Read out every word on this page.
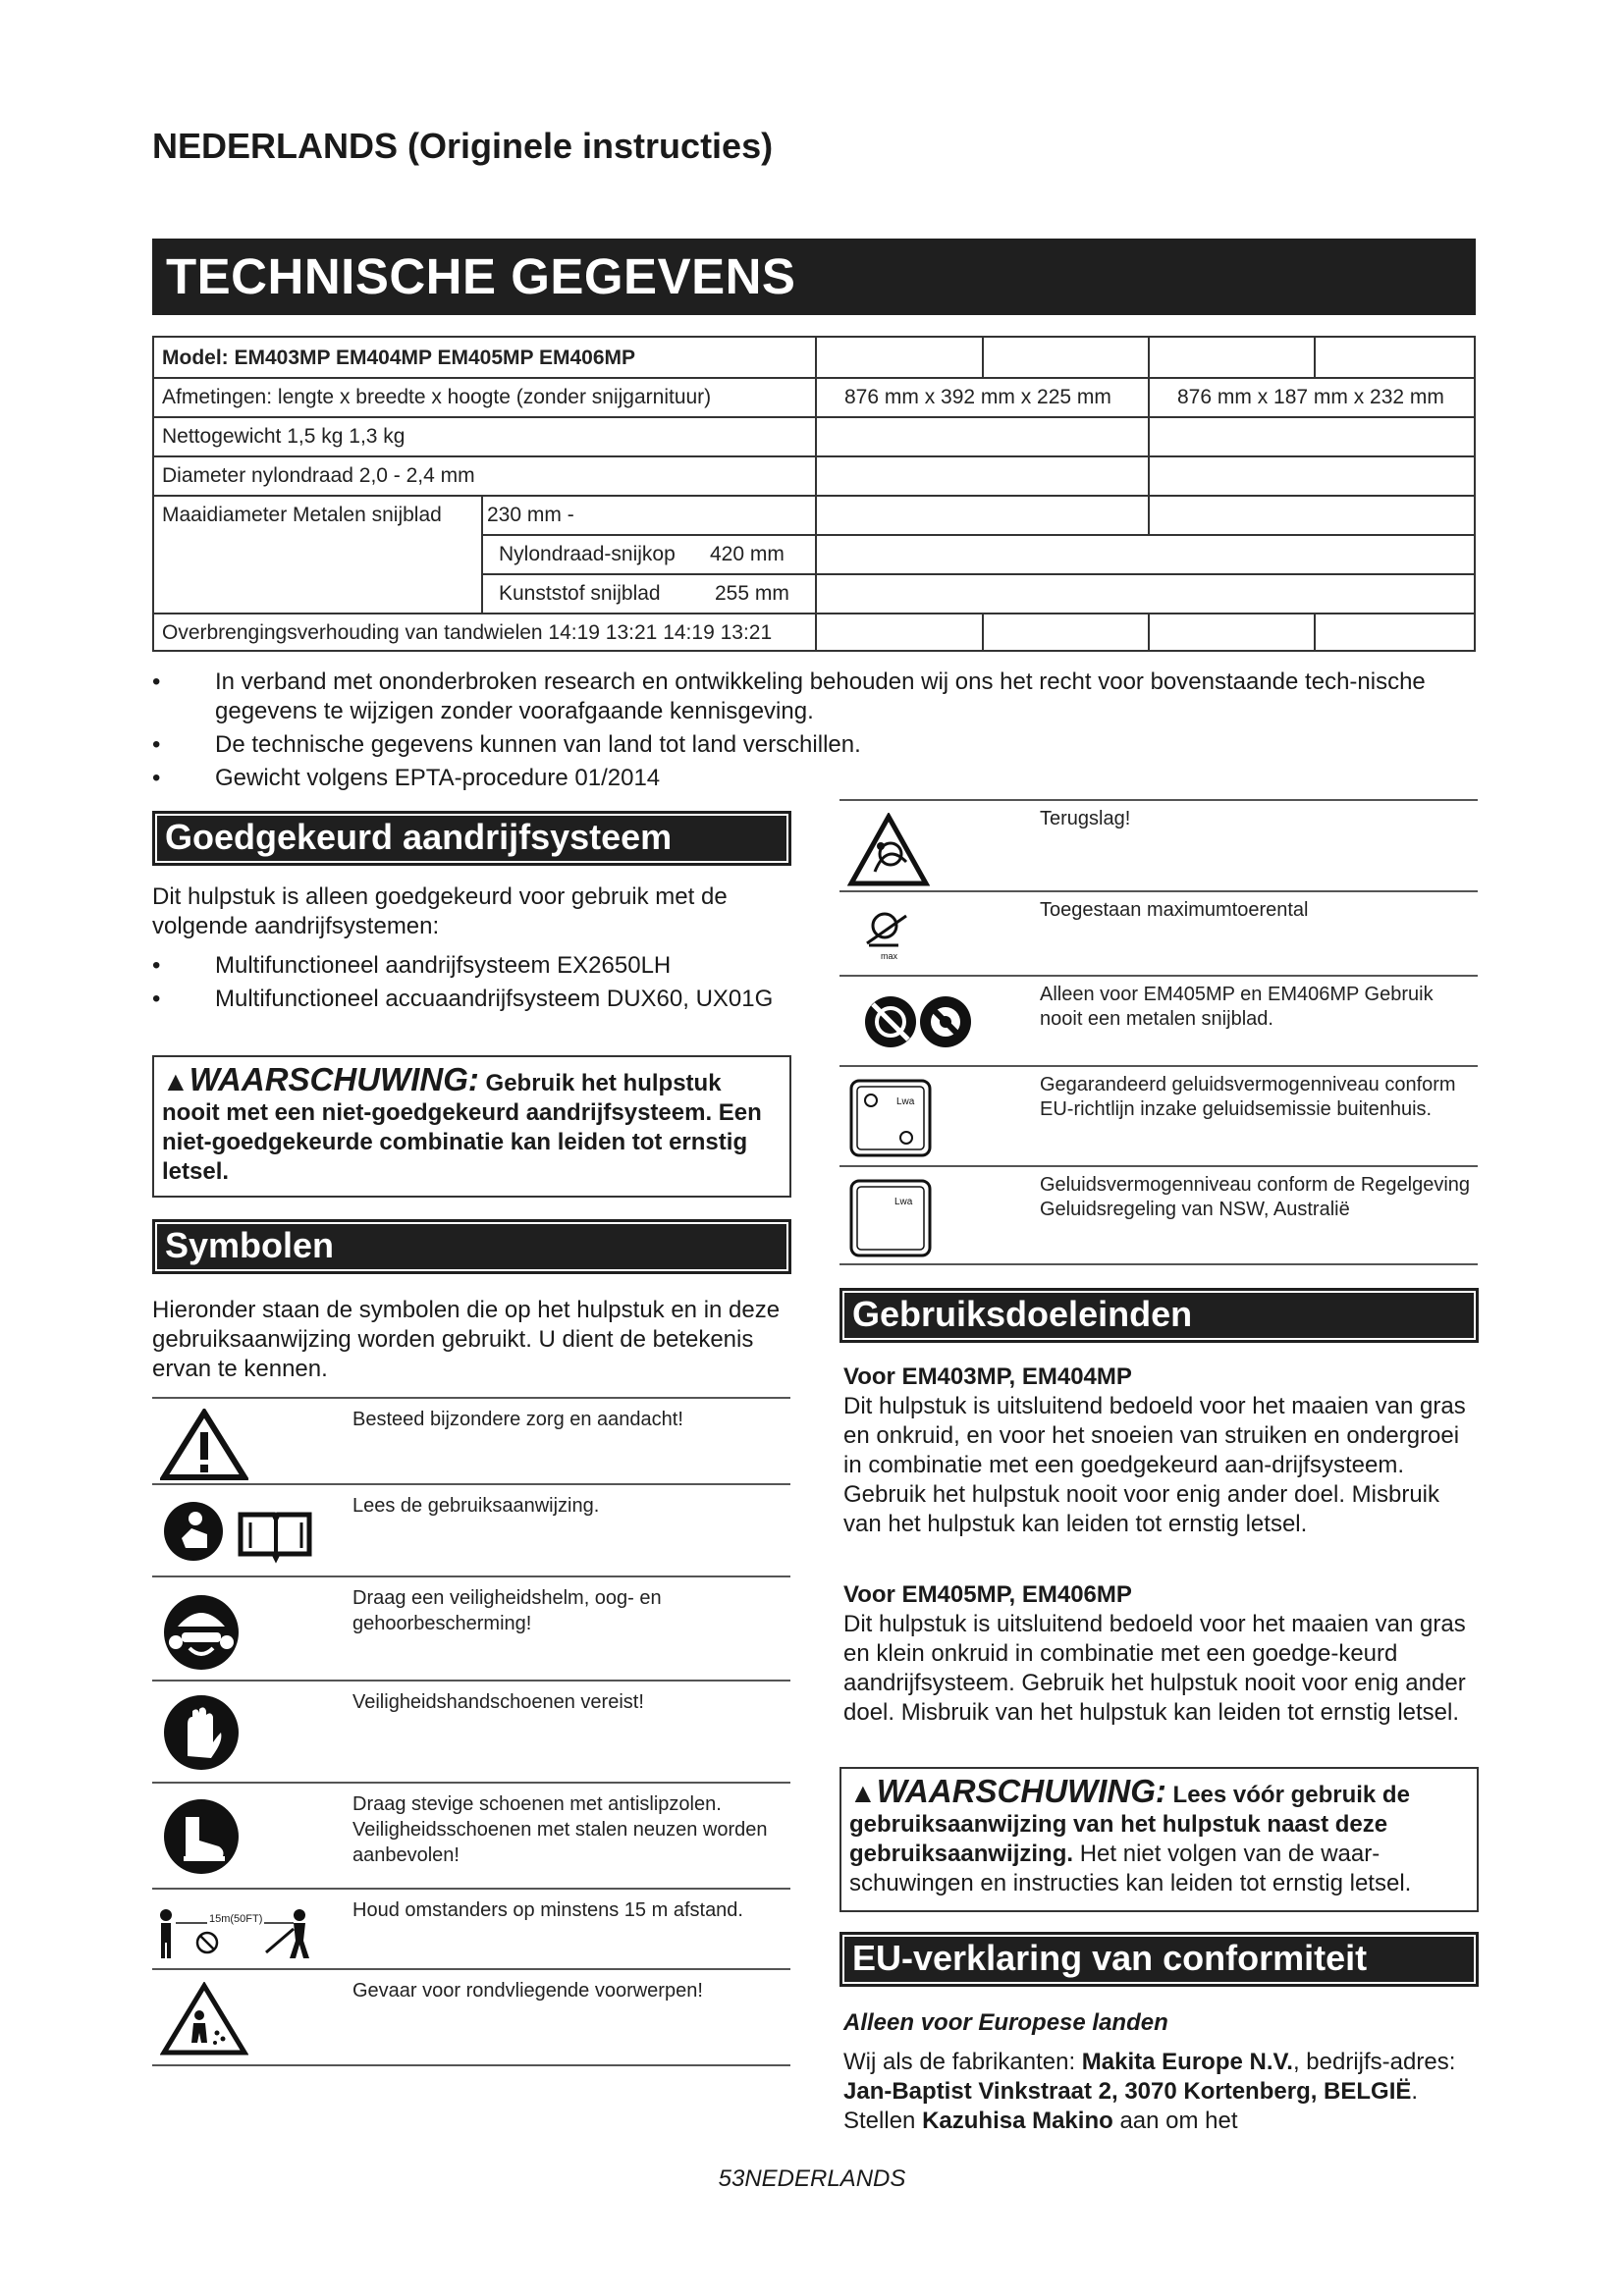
NEDERLANDS (Originele instructies)
TECHNISCHE GEGEVENS
Model: EM403MP EM404MP EM405MP EM406MP
Afmetingen: lengte x breedte x hoogte (zonder snijgarnituur)	876 mm x 392 mm x 225 mm	876 mm x 187 mm x 232 mm
Nettogewicht 1,5 kg 1,3 kg
Diameter nylondraad 2,0 - 2,4 mm
Maaidiameter Metalen snijblad 230 mm -
Nylondraad-snijkop 420 mm
Kunststof snijblad	255 mm
Overbrengingsverhouding van tandwielen 14:19 13:21 14:19 13:21
• In verband met ononderbroken research en ontwikkeling behouden wij ons het recht voor bovenstaande tech-nische gegevens te wijzigen zonder voorafgaande kennisgeving.
• De technische gegevens kunnen van land tot land verschillen.
• Gewicht volgens EPTA-procedure 01/2014
Goedgekeurd aandrijfsysteem
Dit hulpstuk is alleen goedgekeurd voor gebruik met de volgende aandrijfsystemen:
• Multifunctioneel aandrijfsysteem EX2650LH
• Multifunctioneel accuaandrijfsysteem DUX60, UX01G
▲WAARSCHUWING: Gebruik het hulpstuk nooit met een niet-goedgekeurd aandrijfsysteem. Een niet-goedgekeurde combinatie kan leiden tot ernstig letsel.
Symbolen
Hieronder staan de symbolen die op het hulpstuk en in deze gebruiksaanwijzing worden gebruikt. U dient de betekenis ervan te kennen.
Besteed bijzondere zorg en aandacht!
Lees de gebruiksaanwijzing.
Draag een veiligheidshelm, oog- en gehoorbescherming!
Veiligheidshandschoenen vereist!
Draag stevige schoenen met antislipzolen. Veiligheidsschoenen met stalen neuzen worden aanbevolen!
15m(50FT)	Houd omstanders op minstens 15 m afstand.
Gevaar voor rondvliegende voorwerpen!
Terugslag!
max
Toegestaan maximumtoerental
Alleen voor EM405MP en EM406MP Gebruik nooit een metalen snijblad.
Lwa
Gegarandeerd geluidsvermogenniveau conform EU-richtlijn inzake geluidsemissie buitenhuis.
Lwa
Geluidsvermogenniveau conform de Regelgeving Geluidsregeling van NSW, Australië
Gebruiksdoeleinden
Voor EM403MP, EM404MP
Dit hulpstuk is uitsluitend bedoeld voor het maaien van gras en onkruid, en voor het snoeien van struiken en ondergroei in combinatie met een goedgekeurd aan-drijfsysteem. Gebruik het hulpstuk nooit voor enig ander doel. Misbruik van het hulpstuk kan leiden tot ernstig letsel.
Voor EM405MP, EM406MP
Dit hulpstuk is uitsluitend bedoeld voor het maaien van gras en klein onkruid in combinatie met een goedge-keurd aandrijfsysteem. Gebruik het hulpstuk nooit voor enig ander doel. Misbruik van het hulpstuk kan leiden tot ernstig letsel.
▲WAARSCHUWING: Lees vóór gebruik de gebruiksaanwijzing van het hulpstuk naast deze gebruiksaanwijzing. Het niet volgen van de waar-schuwingen en instructies kan leiden tot ernstig letsel.
EU-verklaring van conformiteit
Alleen voor Europese landen
Wij als de fabrikanten: Makita Europe N.V., bedrijfs-adres: Jan-Baptist Vinkstraat 2, 3070 Kortenberg, BELGIË. Stellen Kazuhisa Makino aan om het
53NEDERLANDS
